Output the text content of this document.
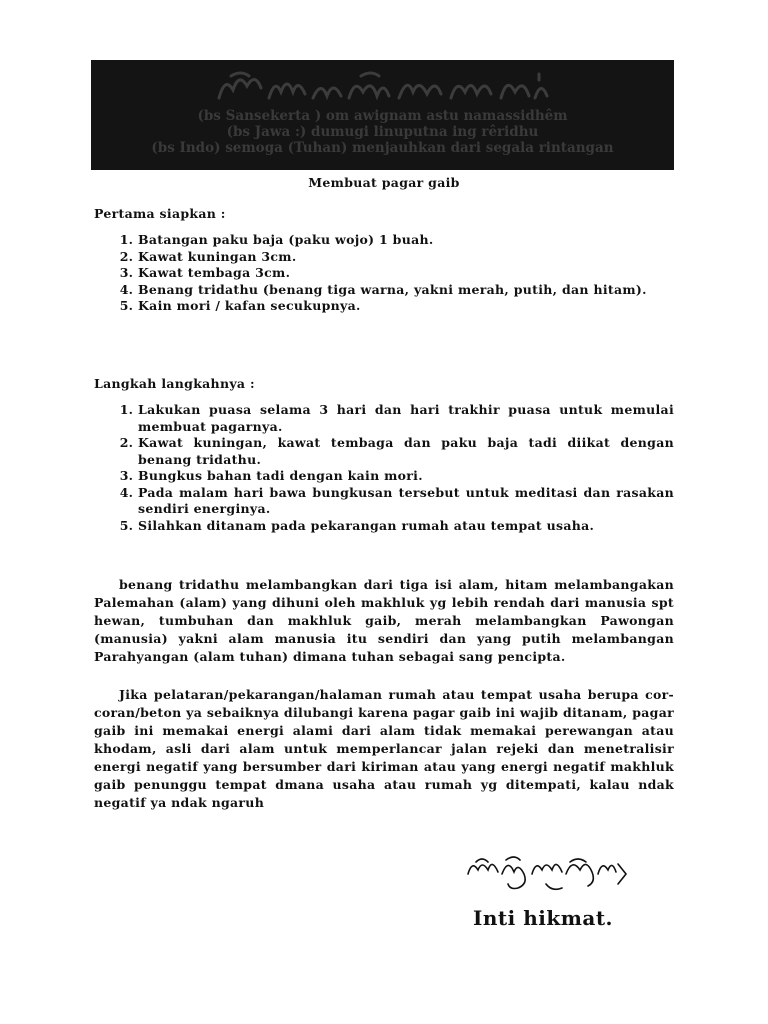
(bs Sansekerta ) om awignam astu namassidhêm
(bs Jawa :) dumugi linuputna ing rêridhu
(bs Indo) semoga (Tuhan) menjauhkan dari segala rintangan
Membuat pagar gaib
Pertama siapkan :
1. Batangan paku baja (paku wojo) 1 buah.
2. Kawat kuningan 3cm.
3. Kawat tembaga 3cm.
4. Benang tridathu (benang tiga warna, yakni merah, putih, dan hitam).
5. Kain mori / kafan secukupnya.
Langkah langkahnya :
1. Lakukan puasa selama 3 hari dan hari trakhir puasa untuk memulai membuat pagarnya.
2. Kawat kuningan, kawat tembaga dan paku baja tadi diikat dengan benang tridathu.
3. Bungkus bahan tadi dengan kain mori.
4. Pada malam hari bawa bungkusan tersebut untuk meditasi dan rasakan sendiri energinya.
5. Silahkan ditanam pada pekarangan rumah atau tempat usaha.

benang tridathu melambangkan dari tiga isi alam, hitam melambangakan Palemahan (alam) yang dihuni oleh makhluk yg lebih rendah dari manusia spt hewan, tumbuhan dan makhluk gaib, merah melambangkan Pawongan (manusia) yakni alam manusia itu sendiri dan yang putih melambangan Parahyangan (alam tuhan) dimana tuhan sebagai sang pencipta.

Jika pelataran/pekarangan/halaman rumah atau tempat usaha berupa cor-coran/beton ya sebaiknya dilubangi karena pagar gaib ini wajib ditanam, pagar gaib ini memakai energi alami dari alam tidak memakai perewangan atau khodam, asli dari alam untuk memperlancar jalan rejeki dan menetralisir energi negatif yang bersumber dari kiriman atau yang energi negatif makhluk gaib penunggu tempat dmana usaha atau rumah yg ditempati, kalau ndak negatif ya ndak ngaruh

Inti hikmat.
